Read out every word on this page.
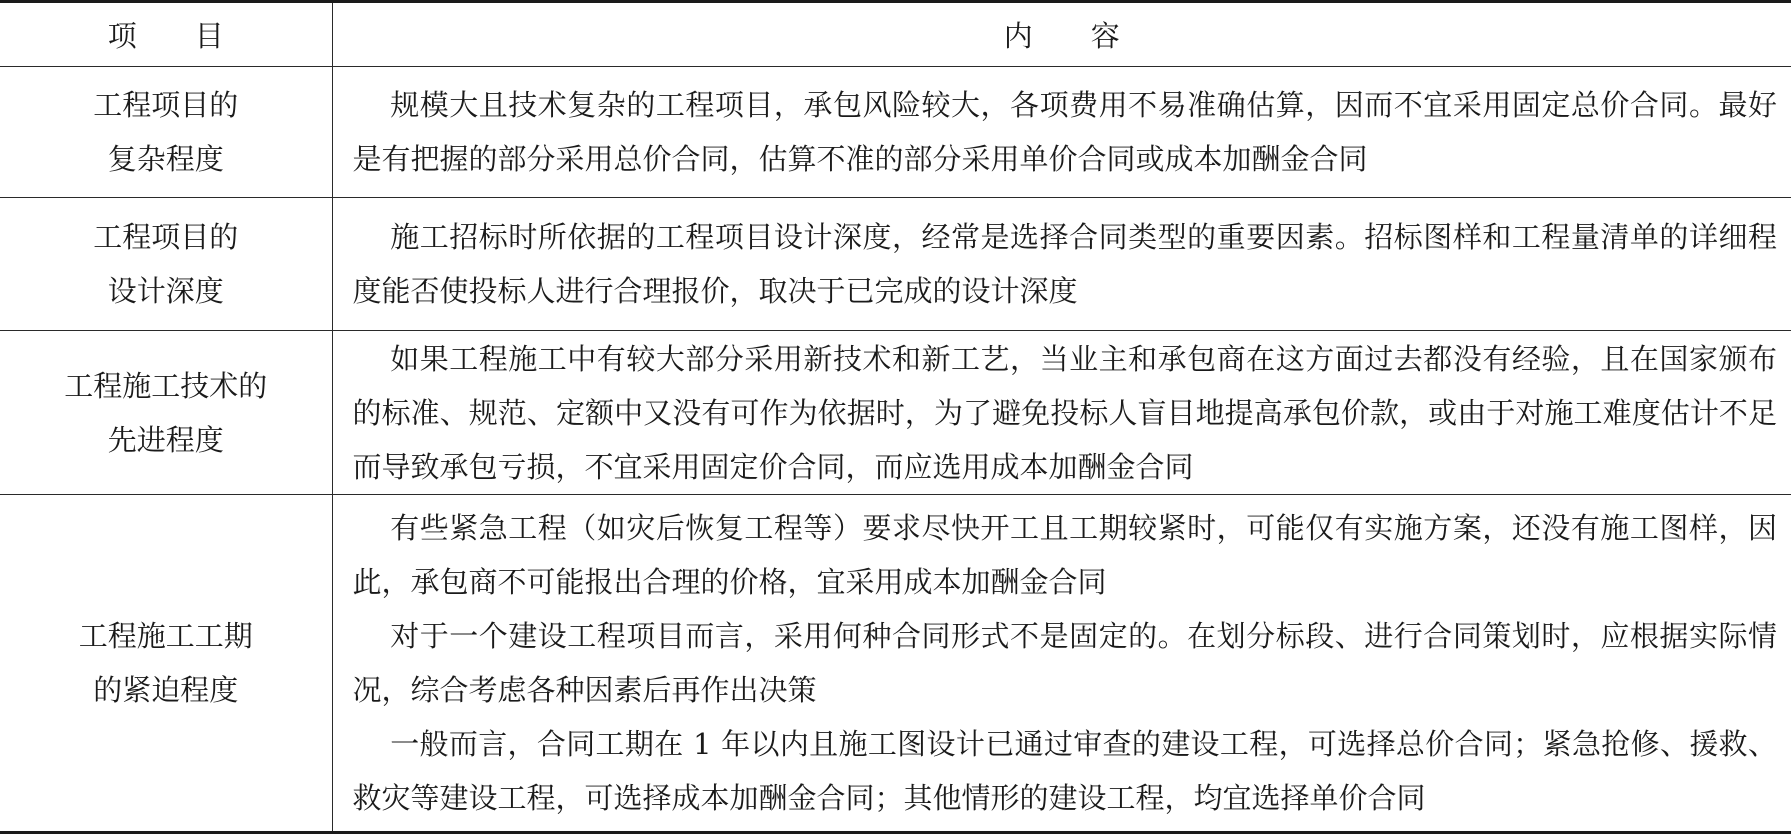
项　　目	内　　容

工程项目的
复杂程度	规模大且技术复杂的工程项目，承包风险较大，各项费用不易准确估算，因而不宜采用固定总价合同。最好是有把握的部分采用总价合同，估算不准的部分采用单价合同或成本加酬金合同

工程项目的
设计深度	施工招标时所依据的工程项目设计深度，经常是选择合同类型的重要因素。招标图样和工程量清单的详细程度能否使投标人进行合理报价，取决于已完成的设计深度

工程施工技术的
先进程度	如果工程施工中有较大部分采用新技术和新工艺，当业主和承包商在这方面过去都没有经验，且在国家颁布的标准、规范、定额中又没有可作为依据时，为了避免投标人盲目地提高承包价款，或由于对施工难度估计不足而导致承包亏损，不宜采用固定价合同，而应选用成本加酬金合同

工程施工工期
的紧迫程度	有些紧急工程（如灾后恢复工程等）要求尽快开工且工期较紧时，可能仅有实施方案，还没有施工图样，因此，承包商不可能报出合理的价格，宜采用成本加酬金合同
对于一个建设工程项目而言，采用何种合同形式不是固定的。在划分标段、进行合同策划时，应根据实际情况，综合考虑各种因素后再作出决策
一般而言，合同工期在 1 年以内且施工图设计已通过审查的建设工程，可选择总价合同；紧急抢修、援救、救灾等建设工程，可选择成本加酬金合同；其他情形的建设工程，均宜选择单价合同
